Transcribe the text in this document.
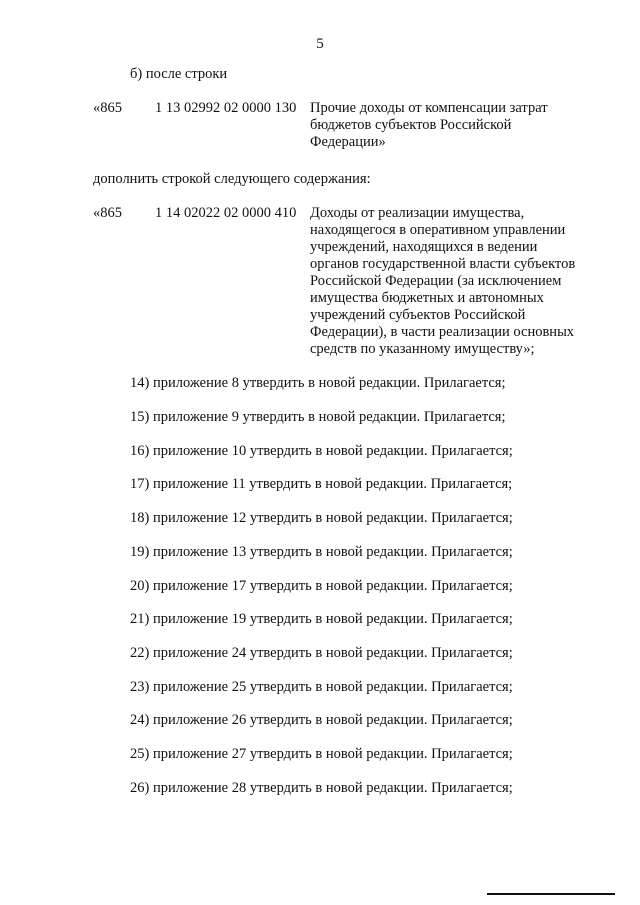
5
б) после строки
«865 1 13 02992 02 0000 130 Прочие доходы от компенсации затрат
бюджетов субъектов Российской
Федерации»
дополнить строкой следующего содержания:
«865 1 14 02022 02 0000 410 Доходы от реализации имущества,
находящегося в оперативном управлении
учреждений, находящихся в ведении
органов государственной власти субъектов
Российской Федерации (за исключением
имущества бюджетных и автономных
учреждений субъектов Российской
Федерации), в части реализации основных
средств по указанному имуществу»;
14) приложение 8 утвердить в новой редакции. Прилагается;
15) приложение 9 утвердить в новой редакции. Прилагается;
16) приложение 10 утвердить в новой редакции. Прилагается;
17) приложение 11 утвердить в новой редакции. Прилагается;
18) приложение 12 утвердить в новой редакции. Прилагается;
19) приложение 13 утвердить в новой редакции. Прилагается;
20) приложение 17 утвердить в новой редакции. Прилагается;
21) приложение 19 утвердить в новой редакции. Прилагается;
22) приложение 24 утвердить в новой редакции. Прилагается;
23) приложение 25 утвердить в новой редакции. Прилагается;
24) приложение 26 утвердить в новой редакции. Прилагается;
25) приложение 27 утвердить в новой редакции. Прилагается;
26) приложение 28 утвердить в новой редакции. Прилагается;
